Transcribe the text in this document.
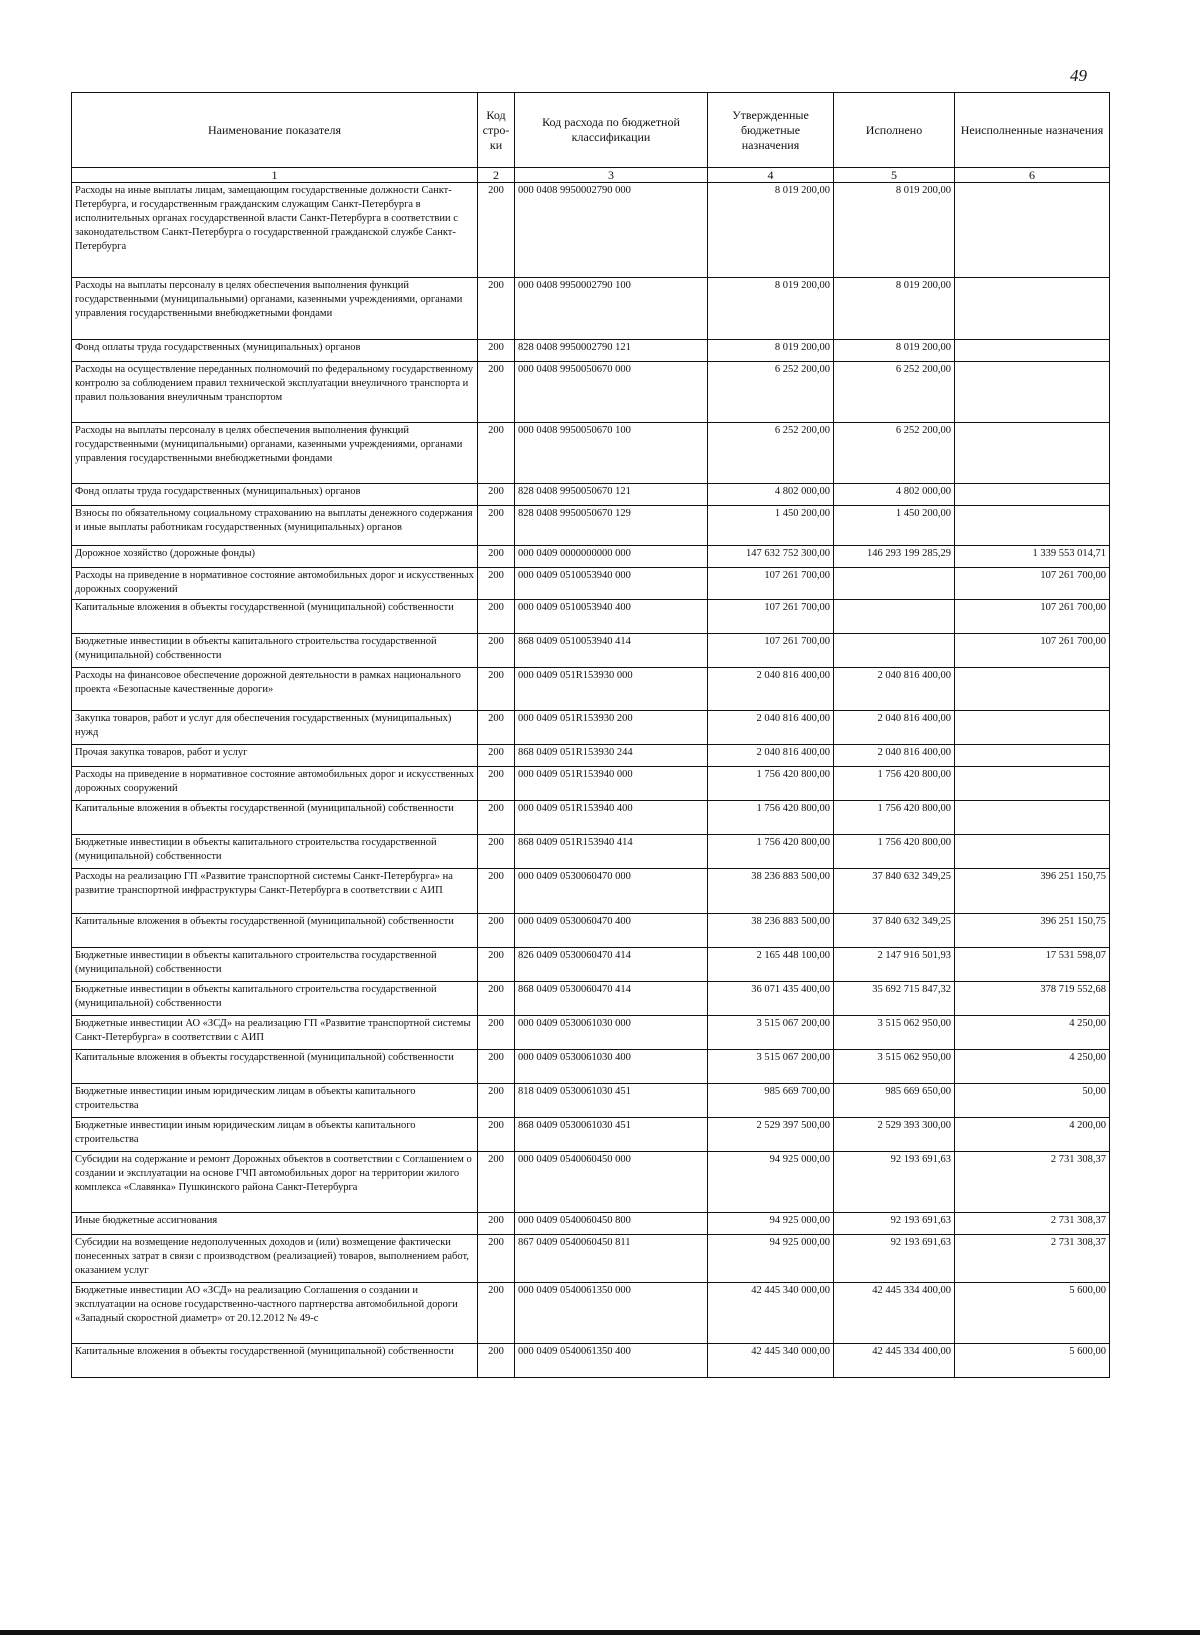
49
Наименование показателя	Код стро-ки	Код расхода по бюджетной классификации	Утвержденные бюджетные назначения	Исполнено	Неисполненные назначения
1	2	3	4	5	6
Расходы на иные выплаты лицам, замещающим государственные должности Санкт-Петербурга, и государственным гражданским служащим Санкт-Петербурга в исполнительных органах государственной власти Санкт-Петербурга в соответствии с законодательством Санкт-Петербурга о государственной гражданской службе Санкт-Петербурга	200	000 0408 9950002790 000	8 019 200,00	8 019 200,00	
Расходы на выплаты персоналу в целях обеспечения выполнения функций государственными (муниципальными) органами, казенными учреждениями, органами управления государственными внебюджетными фондами	200	000 0408 9950002790 100	8 019 200,00	8 019 200,00	
Фонд оплаты труда государственных (муниципальных) органов	200	828 0408 9950002790 121	8 019 200,00	8 019 200,00	
Расходы на осуществление переданных полномочий по федеральному государственному контролю за соблюдением правил технической эксплуатации внеуличного транспорта и правил пользования внеуличным транспортом	200	000 0408 9950050670 000	6 252 200,00	6 252 200,00	
Расходы на выплаты персоналу в целях обеспечения выполнения функций государственными (муниципальными) органами, казенными учреждениями, органами управления государственными внебюджетными фондами	200	000 0408 9950050670 100	6 252 200,00	6 252 200,00	
Фонд оплаты труда государственных (муниципальных) органов	200	828 0408 9950050670 121	4 802 000,00	4 802 000,00	
Взносы по обязательному социальному страхованию на выплаты денежного содержания и иные выплаты работникам государственных (муниципальных) органов	200	828 0408 9950050670 129	1 450 200,00	1 450 200,00	
Дорожное хозяйство (дорожные фонды)	200	000 0409 0000000000 000	147 632 752 300,00	146 293 199 285,29	1 339 553 014,71
Расходы на приведение в нормативное состояние автомобильных дорог и искусственных дорожных сооружений	200	000 0409 0510053940 000	107 261 700,00		107 261 700,00
Капитальные вложения в объекты государственной (муниципальной) собственности	200	000 0409 0510053940 400	107 261 700,00		107 261 700,00
Бюджетные инвестиции в объекты капитального строительства государственной (муниципальной) собственности	200	868 0409 0510053940 414	107 261 700,00		107 261 700,00
Расходы на финансовое обеспечение дорожной деятельности в рамках национального проекта «Безопасные качественные дороги»	200	000 0409 051R153930 000	2 040 816 400,00	2 040 816 400,00	
Закупка товаров, работ и услуг для обеспечения государственных (муниципальных) нужд	200	000 0409 051R153930 200	2 040 816 400,00	2 040 816 400,00	
Прочая закупка товаров, работ и услуг	200	868 0409 051R153930 244	2 040 816 400,00	2 040 816 400,00	
Расходы на приведение в нормативное состояние автомобильных дорог и искусственных дорожных сооружений	200	000 0409 051R153940 000	1 756 420 800,00	1 756 420 800,00	
Капитальные вложения в объекты государственной (муниципальной) собственности	200	000 0409 051R153940 400	1 756 420 800,00	1 756 420 800,00	
Бюджетные инвестиции в объекты капитального строительства государственной (муниципальной) собственности	200	868 0409 051R153940 414	1 756 420 800,00	1 756 420 800,00	
Расходы на реализацию ГП «Развитие транспортной системы Санкт-Петербурга» на развитие транспортной инфраструктуры Санкт-Петербурга в соответствии с АИП	200	000 0409 0530060470 000	38 236 883 500,00	37 840 632 349,25	396 251 150,75
Капитальные вложения в объекты государственной (муниципальной) собственности	200	000 0409 0530060470 400	38 236 883 500,00	37 840 632 349,25	396 251 150,75
Бюджетные инвестиции в объекты капитального строительства государственной (муниципальной) собственности	200	826 0409 0530060470 414	2 165 448 100,00	2 147 916 501,93	17 531 598,07
Бюджетные инвестиции в объекты капитального строительства государственной (муниципальной) собственности	200	868 0409 0530060470 414	36 071 435 400,00	35 692 715 847,32	378 719 552,68
Бюджетные инвестиции АО «ЗСД» на реализацию ГП «Развитие транспортной системы Санкт-Петербурга» в соответствии с АИП	200	000 0409 0530061030 000	3 515 067 200,00	3 515 062 950,00	4 250,00
Капитальные вложения в объекты государственной (муниципальной) собственности	200	000 0409 0530061030 400	3 515 067 200,00	3 515 062 950,00	4 250,00
Бюджетные инвестиции иным юридическим лицам в объекты капитального строительства	200	818 0409 0530061030 451	985 669 700,00	985 669 650,00	50,00
Бюджетные инвестиции иным юридическим лицам в объекты капитального строительства	200	868 0409 0530061030 451	2 529 397 500,00	2 529 393 300,00	4 200,00
Субсидии на содержание и ремонт Дорожных объектов в соответствии с Соглашением о создании и эксплуатации на основе ГЧП автомобильных дорог на территории жилого комплекса «Славянка» Пушкинского района Санкт-Петербурга	200	000 0409 0540060450 000	94 925 000,00	92 193 691,63	2 731 308,37
Иные бюджетные ассигнования	200	000 0409 0540060450 800	94 925 000,00	92 193 691,63	2 731 308,37
Субсидии на возмещение недополученных доходов и (или) возмещение фактически понесенных затрат в связи с производством (реализацией) товаров, выполнением работ, оказанием услуг	200	867 0409 0540060450 811	94 925 000,00	92 193 691,63	2 731 308,37
Бюджетные инвестиции АО «ЗСД» на реализацию Соглашения о создании и эксплуатации на основе государственно-частного партнерства автомобильной дороги «Западный скоростной диаметр» от 20.12.2012 № 49-с	200	000 0409 0540061350 000	42 445 340 000,00	42 445 334 400,00	5 600,00
Капитальные вложения в объекты государственной (муниципальной) собственности	200	000 0409 0540061350 400	42 445 340 000,00	42 445 334 400,00	5 600,00
